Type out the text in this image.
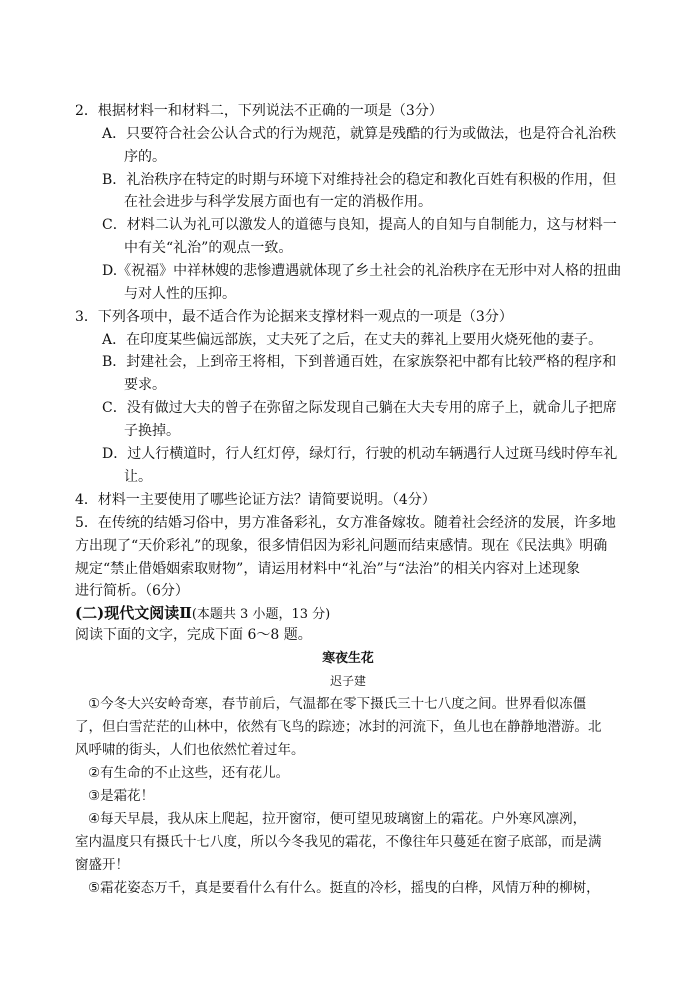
2．根据材料一和材料二，下列说法不正确的一项是（3分）
A．只要符合社会公认合式的行为规范，就算是残酷的行为或做法，也是符合礼治秩
序的。
B．礼治秩序在特定的时期与环境下对维持社会的稳定和教化百姓有积极的作用，但
在社会进步与科学发展方面也有一定的消极作用。
C．材料二认为礼可以激发人的道德与良知，提高人的自知与自制能力，这与材料一
中有关“礼治”的观点一致。
D.《祝福》中祥林嫂的悲惨遭遇就体现了乡土社会的礼治秩序在无形中对人格的扭曲
与对人性的压抑。
3．下列各项中，最不适合作为论据来支撑材料一观点的一项是（3分）
A．在印度某些偏远部族，丈夫死了之后，在丈夫的葬礼上要用火烧死他的妻子。
B．封建社会，上到帝王将相，下到普通百姓，在家族祭祀中都有比较严格的程序和
要求。
C．没有做过大夫的曾子在弥留之际发现自己躺在大夫专用的席子上，就命儿子把席
子换掉。
D．过人行横道时，行人红灯停，绿灯行，行驶的机动车辆遇行人过斑马线时停车礼
让。
4．材料一主要使用了哪些论证方法？请简要说明。（4分）
5．在传统的结婚习俗中，男方准备彩礼，女方准备嫁妆。随着社会经济的发展，许多地
方出现了“天价彩礼”的现象，很多情侣因为彩礼问题而结束感情。现在《民法典》明确
规定“禁止借婚姻索取财物”，请运用材料中“礼治”与“法治”的相关内容对上述现象
进行简析。（6分）
(二)现代文阅读Ⅱ(本题共 3 小题，13 分)
阅读下面的文字，完成下面 6～8 题。
寒夜生花
迟子建
①今冬大兴安岭奇寒，春节前后，气温都在零下摄氏三十七八度之间。世界看似冻僵
了，但白雪茫茫的山林中，依然有飞鸟的踪迹；冰封的河流下，鱼儿也在静静地潜游。北
风呼啸的街头，人们也依然忙着过年。
②有生命的不止这些，还有花儿。
③是霜花！
④每天早晨，我从床上爬起，拉开窗帘，便可望见玻璃窗上的霜花。户外寒风凛冽，
室内温度只有摄氏十七八度，所以今冬我见的霜花，不像往年只蔓延在窗子底部，而是满
窗盛开！
⑤霜花姿态万千，真是要看什么有什么。挺直的冷杉，摇曳的白桦，风情万种的柳树，
